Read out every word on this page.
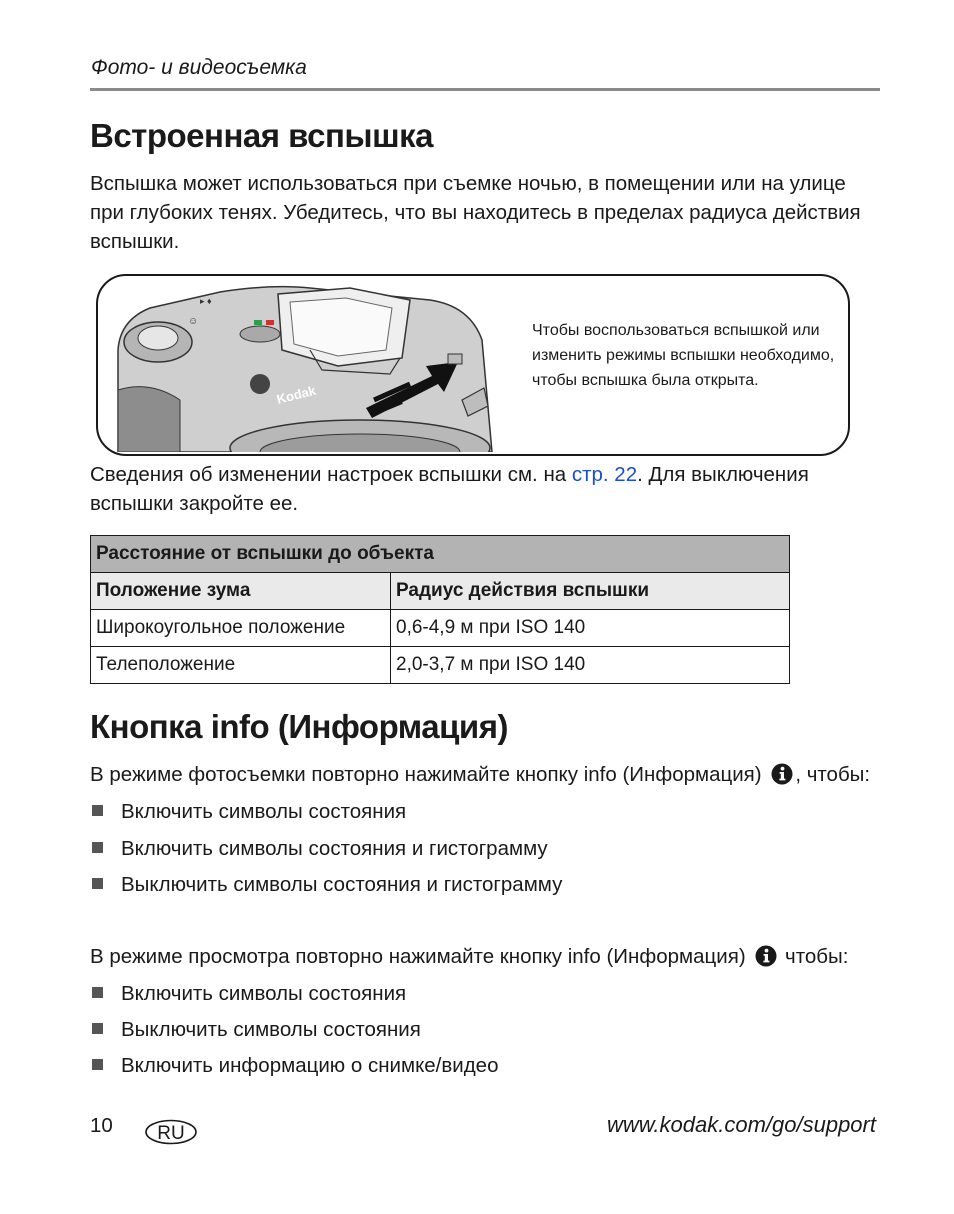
Фото- и видеосъемка
Встроенная вспышка
Вспышка может использоваться при съемке ночью, в помещении или на улице при глубоких тенях. Убедитесь, что вы находитесь в пределах радиуса действия вспышки.
▸ ♦
☺
Kodak
Чтобы воспользоваться вспышкой или изменить режимы вспышки необходимо, чтобы вспышка была открыта.
Сведения об изменении настроек вспышки см. на стр. 22. Для выключения вспышки закройте ее.
Расстояние от вспышки до объекта	
Положение зума	Радиус действия вспышки
Широкоугольное положение	0,6-4,9 м при ISO 140
Телеположение	2,0-3,7 м при ISO 140
Кнопка info (Информация)
В режиме фотосъемки повторно нажимайте кнопку info (Информация) , чтобы:
Включить символы состояния
Включить символы состояния и гистограмму
Выключить символы состояния и гистограмму
В режиме просмотра повторно нажимайте кнопку info (Информация)  чтобы:
Включить символы состояния
Выключить символы состояния
Включить информацию о снимке/видео
10 RU	www.kodak.com/go/support
